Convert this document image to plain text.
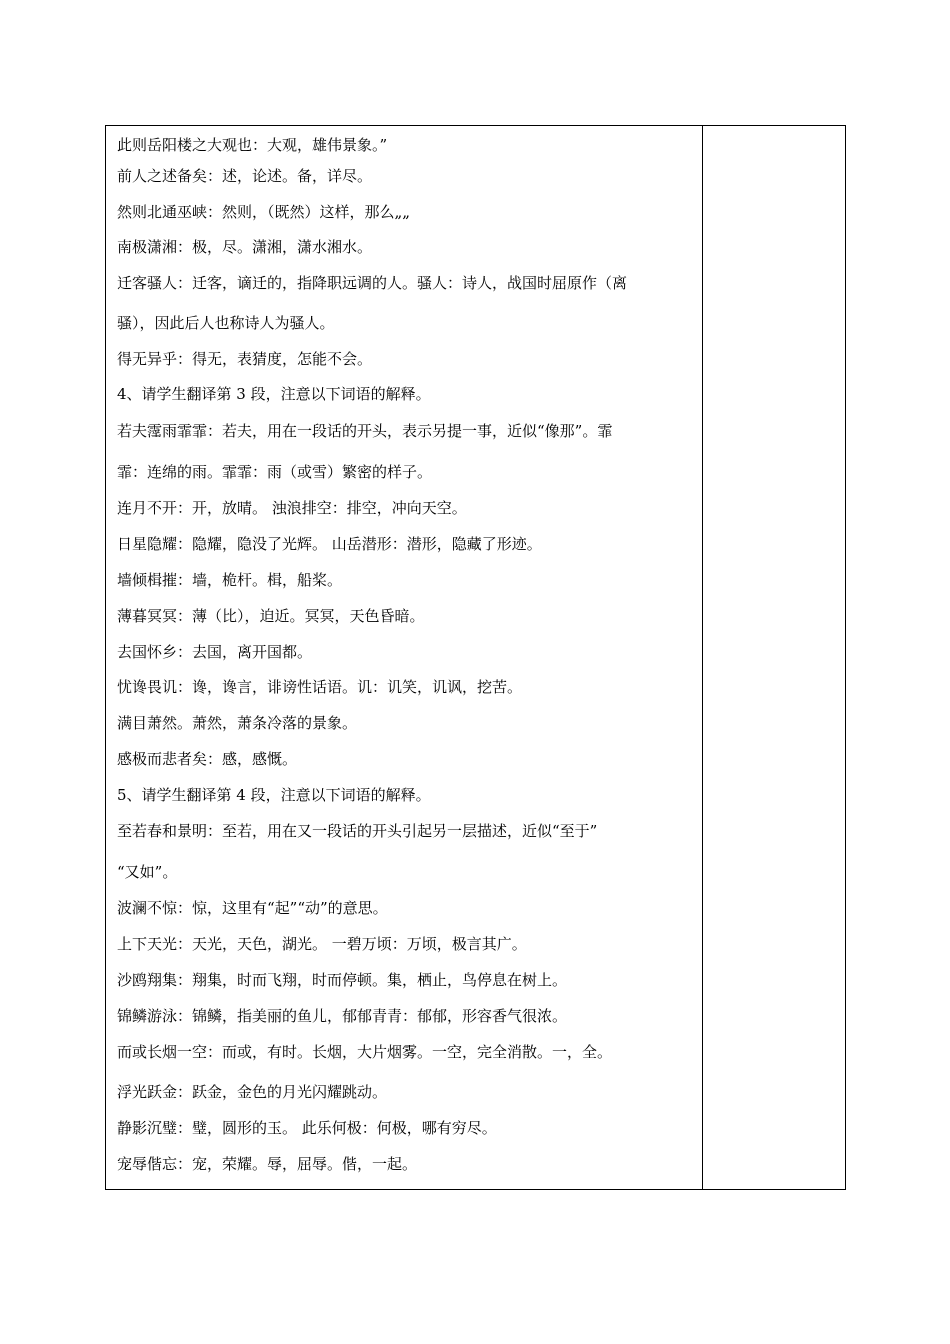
此则岳阳楼之大观也：大观，雄伟景象。”
前人之述备矣：述，论述。备，详尽。
然则北通巫峡：然则，（既然）这样，那么„„
南极潇湘：极，尽。潇湘，潇水湘水。
迁客骚人：迁客，谪迁的，指降职远调的人。骚人：诗人，战国时屈原作（离
骚），因此后人也称诗人为骚人。
得无异乎：得无，表猜度，怎能不会。
4、请学生翻译第 3 段，注意以下词语的解释。
若夫霪雨霏霏：若夫，用在一段话的开头，表示另提一事，近似“像那”。霏
霏：连绵的雨。霏霏：雨（或雪）繁密的样子。
连月不开：开，放晴。 浊浪排空：排空，冲向天空。
日星隐耀：隐耀，隐没了光辉。 山岳潜形：潜形，隐藏了形迹。
墙倾楫摧：墙，桅杆。楫，船桨。
薄暮冥冥：薄（比），迫近。冥冥，天色昏暗。
去国怀乡：去国，离开国都。
忧谗畏讥：谗，谗言，诽谤性话语。讥：讥笑，讥讽，挖苦。
满目萧然。萧然，萧条冷落的景象。
感极而悲者矣：感，感慨。
5、请学生翻译第 4 段，注意以下词语的解释。
至若春和景明：至若，用在又一段话的开头引起另一层描述，近似“至于”
“又如”。
波澜不惊：惊，这里有“起”“动”的意思。
上下天光：天光，天色，湖光。 一碧万顷：万顷，极言其广。
沙鸥翔集：翔集，时而飞翔，时而停顿。集，栖止，鸟停息在树上。
锦鳞游泳：锦鳞，指美丽的鱼儿，郁郁青青：郁郁，形容香气很浓。
而或长烟一空：而或，有时。长烟，大片烟雾。一空，完全消散。一，全。
浮光跃金：跃金，金色的月光闪耀跳动。
静影沉璧：璧，圆形的玉。 此乐何极：何极，哪有穷尽。
宠辱偕忘：宠，荣耀。辱，屈辱。偕，一起。
